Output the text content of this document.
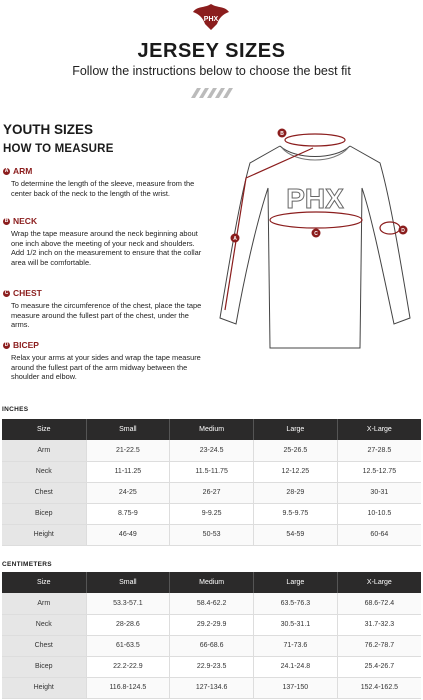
PHX
JERSEY SIZES
Follow the instructions below to choose the best fit
YOUTH SIZES
HOW TO MEASURE
A ARM
To determine the length of the sleeve, measure from the center back of the neck to the length of the wrist.
B NECK
Wrap the tape measure around the neck beginning about one inch above the meeting of your neck and shoulders. Add 1/2 inch on the measurement to ensure that the collar area will be comfortable.
C CHEST
To measure the circumference of the chest, place the tape measure around the fullest part of the chest, under the arms.
D BICEP
Relax your arms at your sides and wrap the tape measure around the fullest part of the arm midway between the shoulder and elbow.
PHX
A
B
C	D
INCHES
Size	Small	Medium	Large	X-Large
Arm	21-22.5	23-24.5	25-26.5	27-28.5
Neck	11-11.25	11.5-11.75	12-12.25	12.5-12.75
Chest	24-25	26-27	28-29	30-31
Bicep	8.75-9	9-9.25	9.5-9.75	10-10.5
Height	46-49	50-53	54-59	60-64
CENTIMETERS
Size	Small	Medium	Large	X-Large
Arm	53.3-57.1	58.4-62.2	63.5-76.3	68.6-72.4
Neck	28-28.6	29.2-29.9	30.5-31.1	31.7-32.3
Chest	61-63.5	66-68.6	71-73.6	76.2-78.7
Bicep	22.2-22.9	22.9-23.5	24.1-24.8	25.4-26.7
Height	116.8-124.5	127-134.6	137-150	152.4-162.5
